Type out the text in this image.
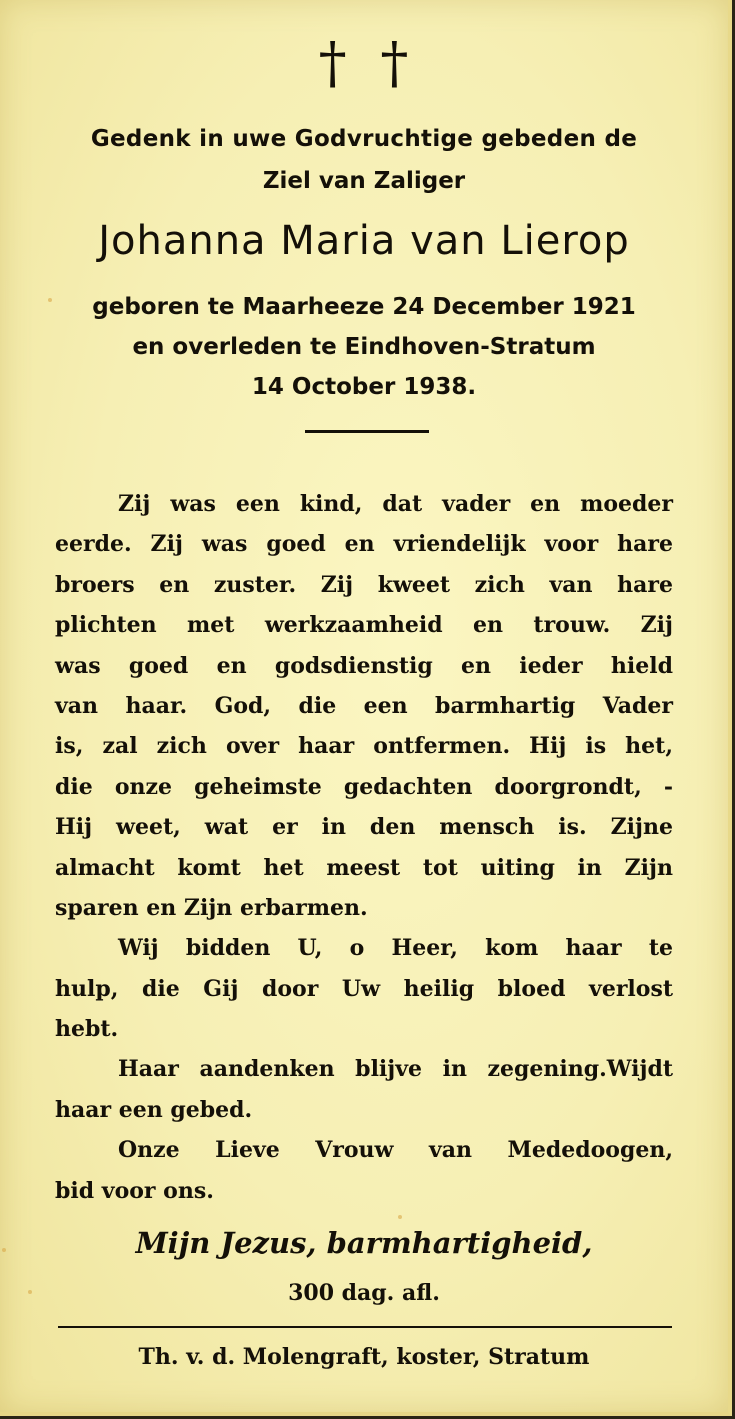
† †
Gedenk in uwe Godvruchtige gebeden de
Ziel van Zaliger
Johanna Maria van Lierop
geboren te Maarheeze 24 December 1921
en overleden te Eindhoven-Stratum
14 October 1938.
Zij was een kind, dat vader en moeder
eerde. Zij was goed en vriendelijk voor hare
broers en zuster. Zij kweet zich van hare
plichten met werkzaamheid en trouw. Zij
was goed en godsdienstig en ieder hield
van haar. God, die een barmhartig Vader
is, zal zich over haar ontfermen. Hij is het,
die onze geheimste gedachten doorgrondt, -
Hij weet, wat er in den mensch is. Zijne
almacht komt het meest tot uiting in Zijn
sparen en Zijn erbarmen.
Wij bidden U, o Heer, kom haar te
hulp, die Gij door Uw heilig bloed verlost
hebt.
Haar aandenken blijve in zegening.Wijdt
haar een gebed.
Onze Lieve Vrouw van Mededoogen,
bid voor ons.
Mijn Jezus, barmhartigheid,
300 dag. afl.
Th. v. d. Molengraft, koster, Stratum
